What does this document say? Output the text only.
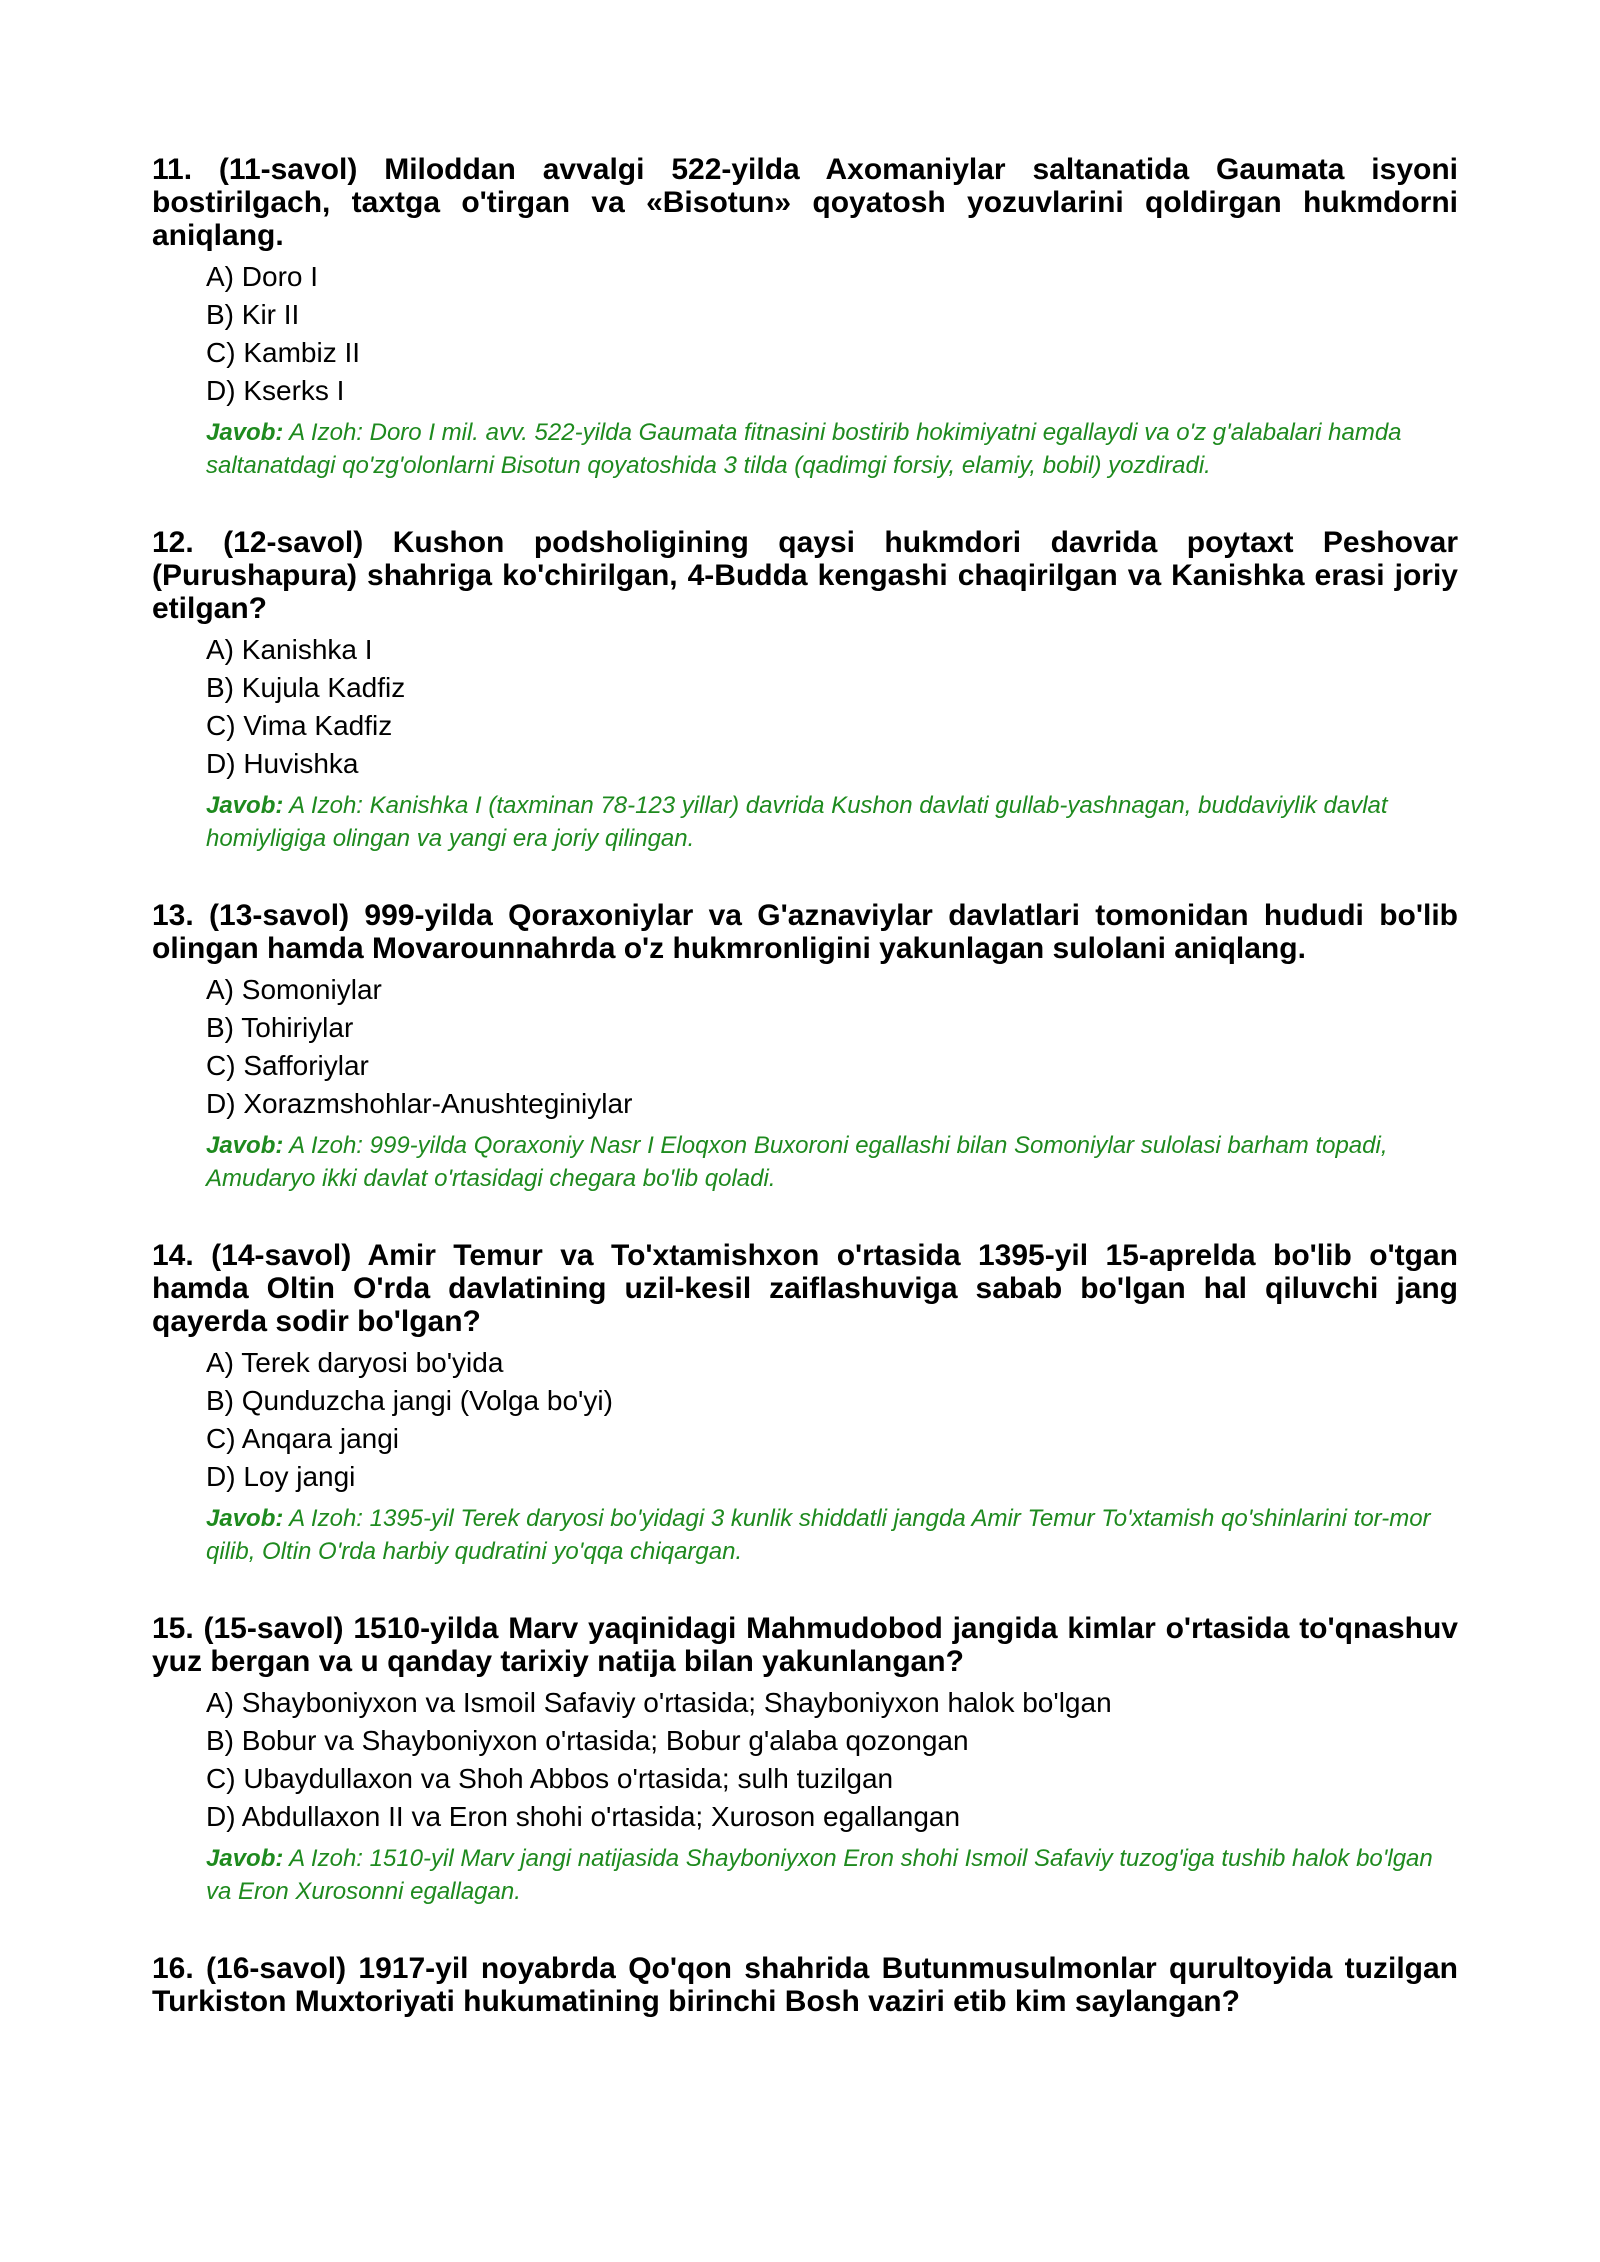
11. (11-savol) Miloddan avvalgi 522-yilda Axomaniylar saltanatida Gaumata isyoni bostirilgach, taxtga o'tirgan va «Bisotun» qoyatosh yozuvlarini qoldirgan hukmdorni aniqlang.
A) Doro I
B) Kir II
C) Kambiz II
D) Kserks I
Javob: A Izoh: Doro I mil. avv. 522-yilda Gaumata fitnasini bostirib hokimiyatni egallaydi va o'z g'alabalari hamda saltanatdagi qo'zg'olonlarni Bisotun qoyatoshida 3 tilda (qadimgi forsiy, elamiy, bobil) yozdiradi.
12. (12-savol) Kushon podsholigining qaysi hukmdori davrida poytaxt Peshovar (Purushapura) shahriga ko'chirilgan, 4-Budda kengashi chaqirilgan va Kanishka erasi joriy etilgan?
A) Kanishka I
B) Kujula Kadfiz
C) Vima Kadfiz
D) Huvishka
Javob: A Izoh: Kanishka I (taxminan 78-123 yillar) davrida Kushon davlati gullab-yashnagan, buddaviylik davlat homiyligiga olingan va yangi era joriy qilingan.
13. (13-savol) 999-yilda Qoraxoniylar va G'aznaviylar davlatlari tomonidan hududi bo'lib olingan hamda Movarounnahrda o'z hukmronligini yakunlagan sulolani aniqlang.
A) Somoniylar
B) Tohiriylar
C) Safforiylar
D) Xorazmshohlar-Anushteginiylar
Javob: A Izoh: 999-yilda Qoraxoniy Nasr I Eloqxon Buxoroni egallashi bilan Somoniylar sulolasi barham topadi, Amudaryo ikki davlat o'rtasidagi chegara bo'lib qoladi.
14. (14-savol) Amir Temur va To'xtamishxon o'rtasida 1395-yil 15-aprelda bo'lib o'tgan hamda Oltin O'rda davlatining uzil-kesil zaiflashuviga sabab bo'lgan hal qiluvchi jang qayerda sodir bo'lgan?
A) Terek daryosi bo'yida
B) Qunduzcha jangi (Volga bo'yi)
C) Anqara jangi
D) Loy jangi
Javob: A Izoh: 1395-yil Terek daryosi bo'yidagi 3 kunlik shiddatli jangda Amir Temur To'xtamish qo'shinlarini tor-mor qilib, Oltin O'rda harbiy qudratini yo'qqa chiqargan.
15. (15-savol) 1510-yilda Marv yaqinidagi Mahmudobod jangida kimlar o'rtasida to'qnashuv yuz bergan va u qanday tarixiy natija bilan yakunlangan?
A) Shayboniyxon va Ismoil Safaviy o'rtasida; Shayboniyxon halok bo'lgan
B) Bobur va Shayboniyxon o'rtasida; Bobur g'alaba qozongan
C) Ubaydullaxon va Shoh Abbos o'rtasida; sulh tuzilgan
D) Abdullaxon II va Eron shohi o'rtasida; Xuroson egallangan
Javob: A Izoh: 1510-yil Marv jangi natijasida Shayboniyxon Eron shohi Ismoil Safaviy tuzog'iga tushib halok bo'lgan va Eron Xurosonni egallagan.
16. (16-savol) 1917-yil noyabrda Qo'qon shahrida Butunmusulmonlar qurultoyida tuzilgan Turkiston Muxtoriyati hukumatining birinchi Bosh vaziri etib kim saylangan?
